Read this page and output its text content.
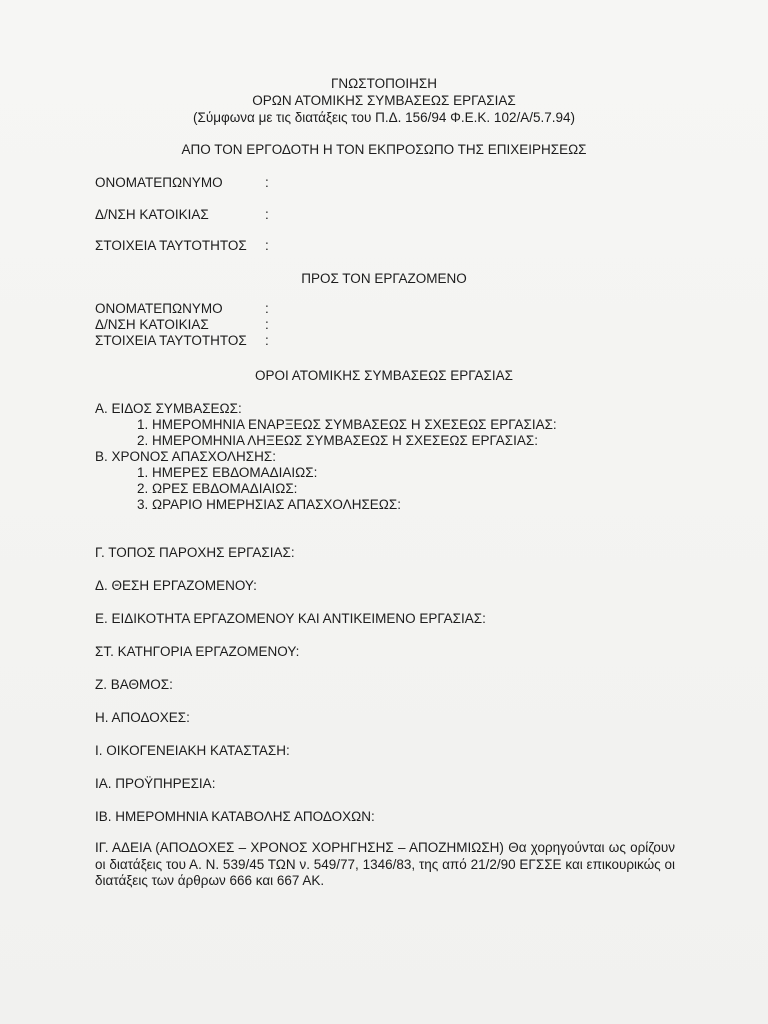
ΓΝΩΣΤΟΠΟΙΗΣΗ
ΟΡΩΝ ΑΤΟΜΙΚΗΣ ΣΥΜΒΑΣΕΩΣ ΕΡΓΑΣΙΑΣ
(Σύμφωνα με τις διατάξεις του Π.Δ. 156/94 Φ.Ε.Κ. 102/Α/5.7.94)
ΑΠΟ ΤΟΝ ΕΡΓΟΔΟΤΗ Η ΤΟΝ ΕΚΠΡΟΣΩΠΟ ΤΗΣ ΕΠΙΧΕΙΡΗΣΕΩΣ
ΟΝΟΜΑΤΕΠΩΝΥΜΟ	:
Δ/ΝΣΗ ΚΑΤΟΙΚΙΑΣ	:
ΣΤΟΙΧΕΙΑ ΤΑΥΤΟΤΗΤΟΣ :
ΠΡΟΣ ΤΟΝ ΕΡΓΑΖΟΜΕΝΟ
ΟΝΟΜΑΤΕΠΩΝΥΜΟ	:
Δ/ΝΣΗ ΚΑΤΟΙΚΙΑΣ	:
ΣΤΟΙΧΕΙΑ ΤΑΥΤΟΤΗΤΟΣ :
ΟΡΟΙ ΑΤΟΜΙΚΗΣ ΣΥΜΒΑΣΕΩΣ ΕΡΓΑΣΙΑΣ
Α. ΕΙΔΟΣ ΣΥΜΒΑΣΕΩΣ:
1. ΗΜΕΡΟΜΗΝΙΑ ΕΝΑΡΞΕΩΣ ΣΥΜΒΑΣΕΩΣ Η ΣΧΕΣΕΩΣ ΕΡΓΑΣΙΑΣ:
2. ΗΜΕΡΟΜΗΝΙΑ ΛΗΞΕΩΣ ΣΥΜΒΑΣΕΩΣ Η ΣΧΕΣΕΩΣ ΕΡΓΑΣΙΑΣ:
Β. ΧΡΟΝΟΣ ΑΠΑΣΧΟΛΗΣΗΣ:
1. ΗΜΕΡΕΣ ΕΒΔΟΜΑΔΙΑΙΩΣ:
2. ΩΡΕΣ ΕΒΔΟΜΑΔΙΑΙΩΣ:
3. ΩΡΑΡΙΟ ΗΜΕΡΗΣΙΑΣ ΑΠΑΣΧΟΛΗΣΕΩΣ:
Γ. ΤΟΠΟΣ ΠΑΡΟΧΗΣ ΕΡΓΑΣΙΑΣ:
Δ. ΘΕΣΗ ΕΡΓΑΖΟΜΕΝΟΥ:
Ε. ΕΙΔΙΚΟΤΗΤΑ ΕΡΓΑΖΟΜΕΝΟΥ ΚΑΙ ΑΝΤΙΚΕΙΜΕΝΟ ΕΡΓΑΣΙΑΣ:
ΣΤ. ΚΑΤΗΓΟΡΙΑ ΕΡΓΑΖΟΜΕΝΟΥ:
Ζ. ΒΑΘΜΟΣ:
Η. ΑΠΟΔΟΧΕΣ:
Ι. ΟΙΚΟΓΕΝΕΙΑΚΗ ΚΑΤΑΣΤΑΣΗ:
ΙΑ. ΠΡΟΫΠΗΡΕΣΙΑ:
ΙΒ. ΗΜΕΡΟΜΗΝΙΑ ΚΑΤΑΒΟΛΗΣ ΑΠΟΔΟΧΩΝ:
ΙΓ. ΑΔΕΙΑ (ΑΠΟΔΟΧΕΣ – ΧΡΟΝΟΣ ΧΟΡΗΓΗΣΗΣ – ΑΠΟΖΗΜΙΩΣΗ) Θα χορηγούνται ως ορίζουν οι διατάξεις του Α. Ν. 539/45 ΤΩΝ ν. 549/77, 1346/83, της από 21/2/90 ΕΓΣΣΕ και επικουρικώς οι διατάξεις των άρθρων 666 και 667 ΑΚ.
